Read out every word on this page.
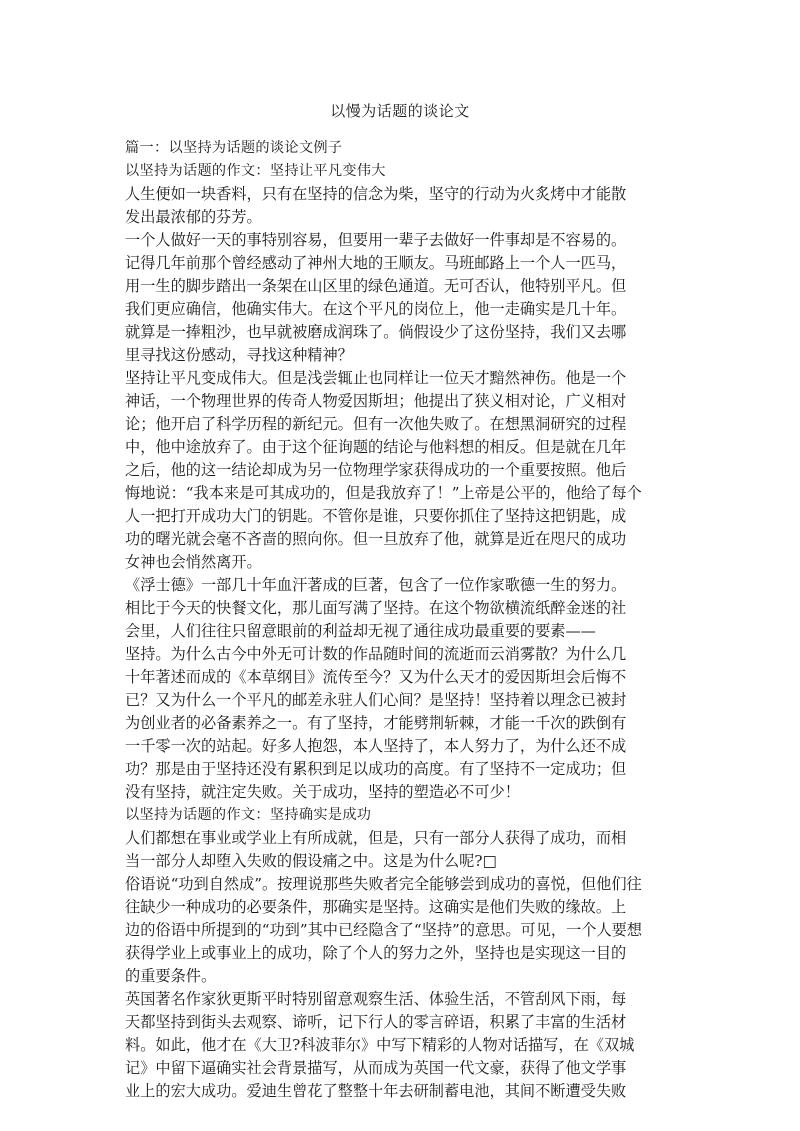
以慢为话题的谈论文
篇一：以坚持为话题的谈论文例子
以坚持为话题的作文：坚持让平凡变伟大
人生便如一块香料，只有在坚持的信念为柴，坚守的行动为火炙烤中才能散
发出最浓郁的芬芳。
一个人做好一天的事特别容易，但要用一辈子去做好一件事却是不容易的。
记得几年前那个曾经感动了神州大地的王顺友。马班邮路上一个人一匹马，
用一生的脚步踏出一条架在山区里的绿色通道。无可否认，他特别平凡。但
我们更应确信，他确实伟大。在这个平凡的岗位上，他一走确实是几十年。
就算是一捧粗沙，也早就被磨成润珠了。倘假设少了这份坚持，我们又去哪
里寻找这份感动，寻找这种精神？
坚持让平凡变成伟大。但是浅尝辄止也同样让一位天才黯然神伤。他是一个
神话，一个物理世界的传奇人物爱因斯坦；他提出了狭义相对论，广义相对
论；他开启了科学历程的新纪元。但有一次他失败了。在想黑洞研究的过程
中，他中途放弃了。由于这个征询题的结论与他料想的相反。但是就在几年
之后，他的这一结论却成为另一位物理学家获得成功的一个重要按照。他后
悔地说：“我本来是可其成功的，但是我放弃了！”上帝是公平的，他给了每个
人一把打开成功大门的钥匙。不管你是谁，只要你抓住了坚持这把钥匙，成
功的曙光就会毫不吝啬的照向你。但一旦放弃了他，就算是近在咫尺的成功
女神也会悄然离开。
《浮士德》一部几十年血汗著成的巨著，包含了一位作家歌德一生的努力。
相比于今天的快餐文化，那儿面写满了坚持。在这个物欲横流纸醉金迷的社
会里，人们往往只留意眼前的利益却无视了通往成功最重要的要素——
坚持。为什么古今中外无可计数的作品随时间的流逝而云消雾散？为什么几
十年著述而成的《本草纲目》流传至今？又为什么天才的爱因斯坦会后悔不
已？又为什么一个平凡的邮差永驻人们心间？是坚持！坚持着以理念已被封
为创业者的必备素养之一。有了坚持，才能劈荆斩棘，才能一千次的跌倒有
一千零一次的站起。好多人抱怨，本人坚持了，本人努力了，为什么还不成
功？那是由于坚持还没有累积到足以成功的高度。有了坚持不一定成功；但
没有坚持，就注定失败。关于成功，坚持的塑造必不可少！
以坚持为话题的作文：坚持确实是成功
人们都想在事业或学业上有所成就，但是，只有一部分人获得了成功，而相
当一部分人却堕入失败的假设痛之中。这是为什么呢?□
俗语说“功到自然成”。按理说那些失败者完全能够尝到成功的喜悦，但他们往
往缺少一种成功的必要条件，那确实是坚持。这确实是他们失败的缘故。上
边的俗语中所提到的“功到”其中已经隐含了“坚持”的意思。可见，一个人要想
获得学业上或事业上的成功，除了个人的努力之外，坚持也是实现这一目的
的重要条件。
英国著名作家狄更斯平时特别留意观察生活、体验生活，不管刮风下雨，每
天都坚持到街头去观察、谛听，记下行人的零言碎语，积累了丰富的生活材
料。如此，他才在《大卫?科波菲尔》中写下精彩的人物对话描写，在《双城
记》中留下逼确实社会背景描写，从而成为英国一代文豪，获得了他文学事
业上的宏大成功。爱迪生曾花了整整十年去研制蓄电池，其间不断遭受失败
